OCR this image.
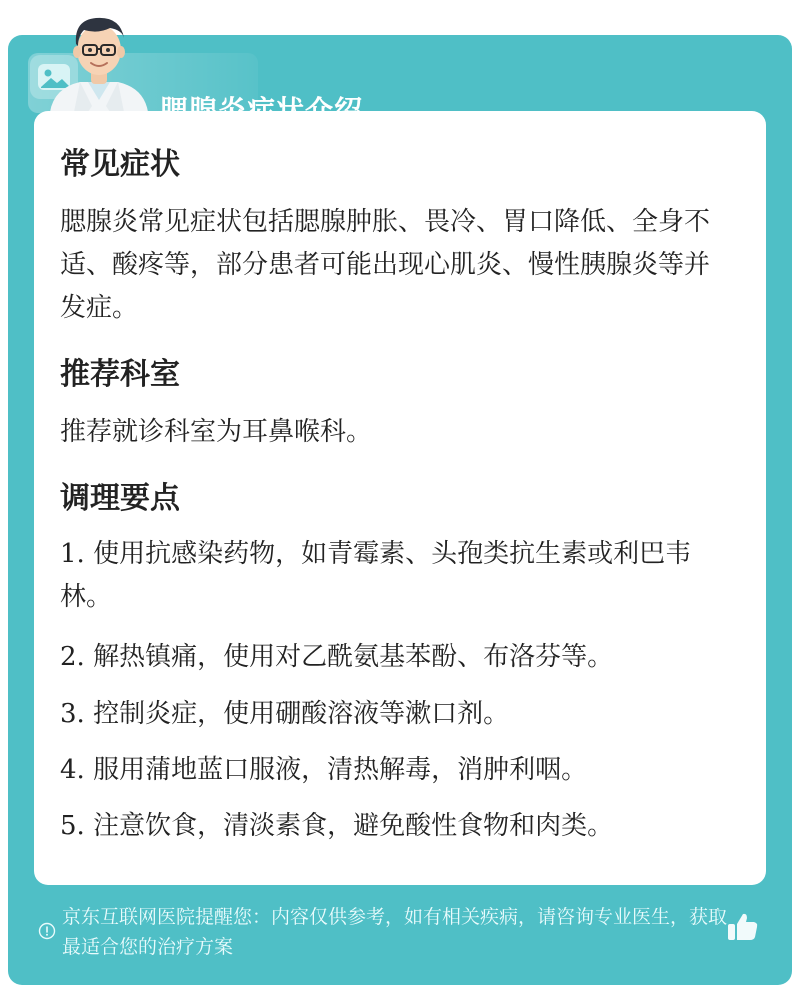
常见症状
腮腺炎常见症状包括腮腺肿胀、畏冷、胃口降低、全身不适、酸疼等，部分患者可能出现心肌炎、慢性胰腺炎等并发症。
推荐科室
推荐就诊科室为耳鼻喉科。
调理要点
1. 使用抗感染药物，如青霉素、头孢类抗生素或利巴韦林。
2. 解热镇痛，使用对乙酰氨基苯酚、布洛芬等。
3. 控制炎症，使用硼酸溶液等漱口剂。
4. 服用蒲地蓝口服液，清热解毒，消肿利咽。
5. 注意饮食，清淡素食，避免酸性食物和肉类。
京东互联网医院提醒您：内容仅供参考，如有相关疾病，请咨询专业医生，获取最适合您的治疗方案
